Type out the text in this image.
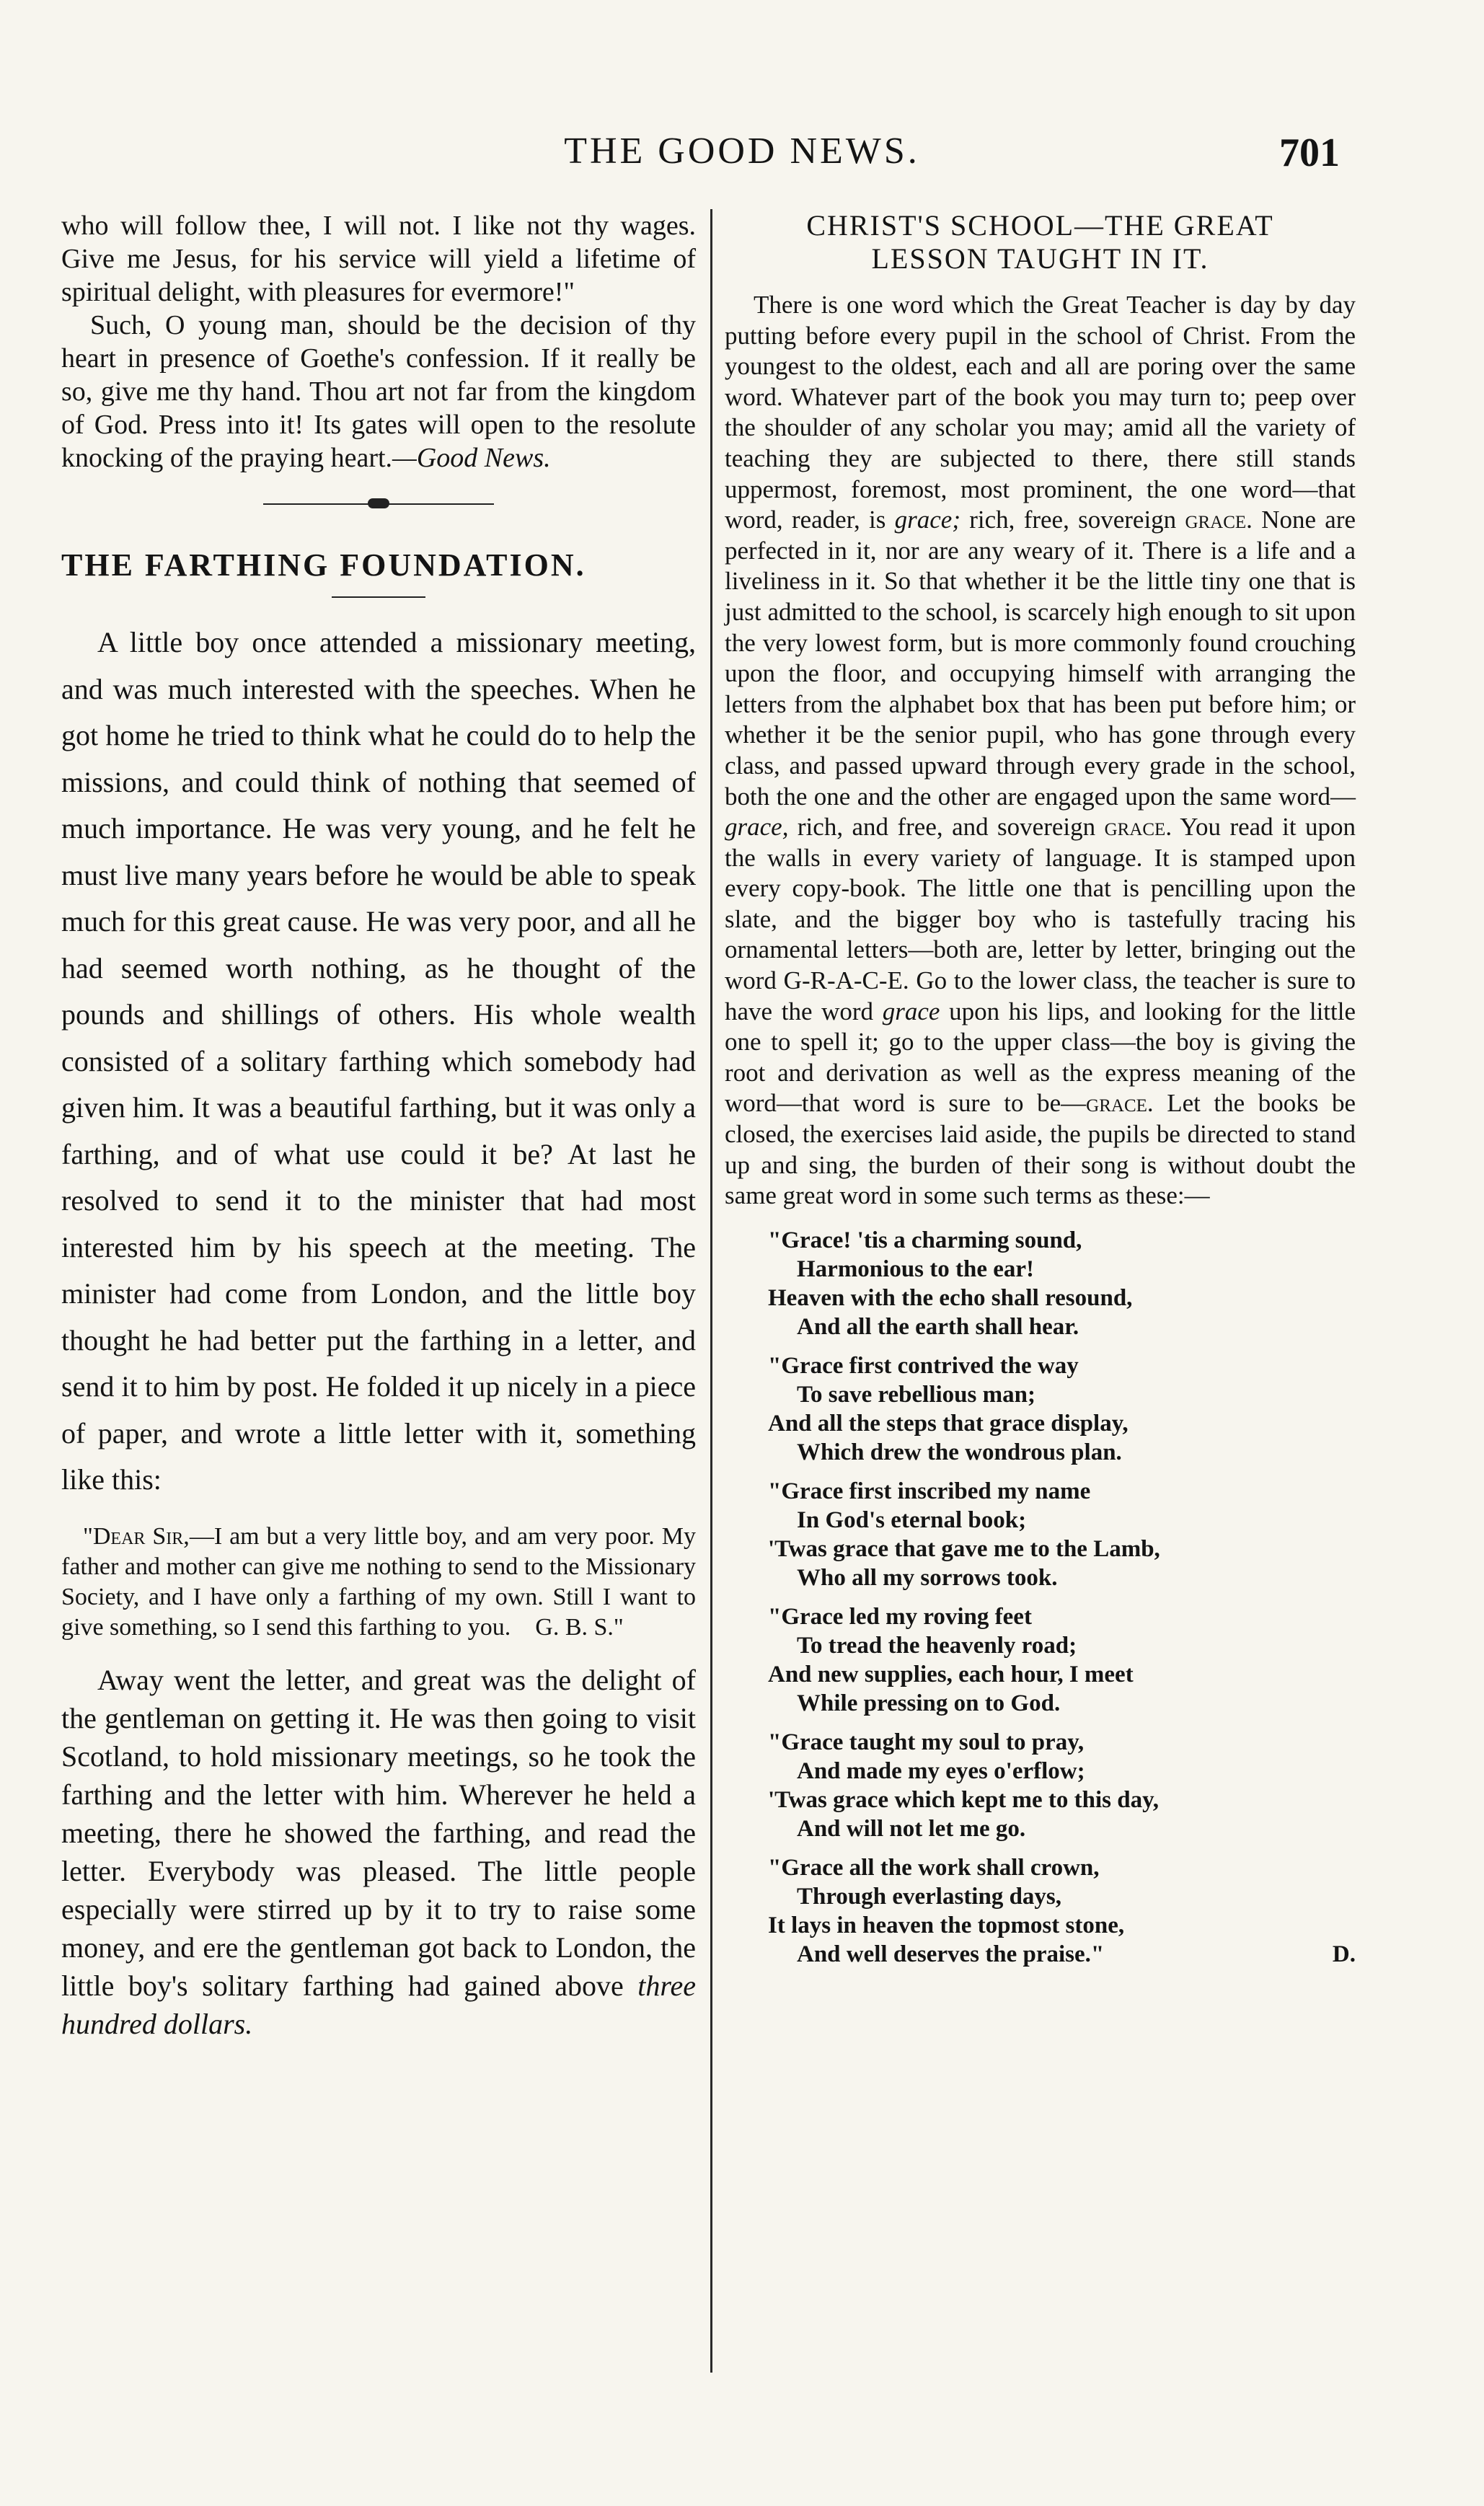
THE GOOD NEWS.	701

who will follow thee, I will not. I like not thy wages. Give me Jesus, for his service will yield a lifetime of spiritual delight, with pleasures for evermore!"

Such, O young man, should be the decision of thy heart in presence of Goethe's confession. If it really be so, give me thy hand. Thou art not far from the kingdom of God. Press into it! Its gates will open to the resolute knocking of the praying heart.—Good News.

THE FARTHING FOUNDATION.

A little boy once attended a missionary meeting, and was much interested with the speeches. When he got home he tried to think what he could do to help the missions, and could think of nothing that seemed of much importance. He was very young, and he felt he must live many years before he would be able to speak much for this great cause. He was very poor, and all he had seemed worth nothing, as he thought of the pounds and shillings of others. His whole wealth consisted of a solitary farthing which somebody had given him. It was a beautiful farthing, but it was only a farthing, and of what use could it be? At last he resolved to send it to the minister that had most interested him by his speech at the meeting. The minister had come from London, and the little boy thought he had better put the farthing in a letter, and send it to him by post. He folded it up nicely in a piece of paper, and wrote a little letter with it, something like this:

"Dear Sir,—I am but a very little boy, and am very poor. My father and mother can give me nothing to send to the Missionary Society, and I have only a farthing of my own. Still I want to give something, so I send this farthing to you. G. B. S."

Away went the letter, and great was the delight of the gentleman on getting it. He was then going to visit Scotland, to hold missionary meetings, so he took the farthing and the letter with him. Wherever he held a meeting, there he showed the farthing, and read the letter. Everybody was pleased. The little people especially were stirred up by it to try to raise some money, and ere the gentleman got back to London, the little boy's solitary farthing had gained above three hundred dollars.

CHRIST'S SCHOOL—THE GREAT
LESSON TAUGHT IN IT.

There is one word which the Great Teacher is day by day putting before every pupil in the school of Christ. From the youngest to the oldest, each and all are poring over the same word. Whatever part of the book you may turn to; peep over the shoulder of any scholar you may; amid all the variety of teaching they are subjected to there, there still stands uppermost, foremost, most prominent, the one word—that word, reader, is grace; rich, free, sovereign grace. None are perfected in it, nor are any weary of it. There is a life and a liveliness in it. So that whether it be the little tiny one that is just admitted to the school, is scarcely high enough to sit upon the very lowest form, but is more commonly found crouching upon the floor, and occupying himself with arranging the letters from the alphabet box that has been put before him; or whether it be the senior pupil, who has gone through every class, and passed upward through every grade in the school, both the one and the other are engaged upon the same word—grace, rich, and free, and sovereign grace. You read it upon the walls in every variety of language. It is stamped upon every copy-book. The little one that is pencilling upon the slate, and the bigger boy who is tastefully tracing his ornamental letters—both are, letter by letter, bringing out the word G-R-A-C-E. Go to the lower class, the teacher is sure to have the word grace upon his lips, and looking for the little one to spell it; go to the upper class—the boy is giving the root and derivation as well as the express meaning of the word—that word is sure to be—grace. Let the books be closed, the exercises laid aside, the pupils be directed to stand up and sing, the burden of their song is without doubt the same great word in some such terms as these:—

"Grace! 'tis a charming sound,
Harmonious to the ear!
Heaven with the echo shall resound,
And all the earth shall hear.
"Grace first contrived the way
To save rebellious man;
And all the steps that grace display,
Which drew the wondrous plan.
"Grace first inscribed my name
In God's eternal book;
'Twas grace that gave me to the Lamb,
Who all my sorrows took.
"Grace led my roving feet
To tread the heavenly road;
And new supplies, each hour, I meet
While pressing on to God.
"Grace taught my soul to pray,
And made my eyes o'erflow;
'Twas grace which kept me to this day,
And will not let me go.
"Grace all the work shall crown,
Through everlasting days,
It lays in heaven the topmost stone,
And well deserves the praise."	D.
